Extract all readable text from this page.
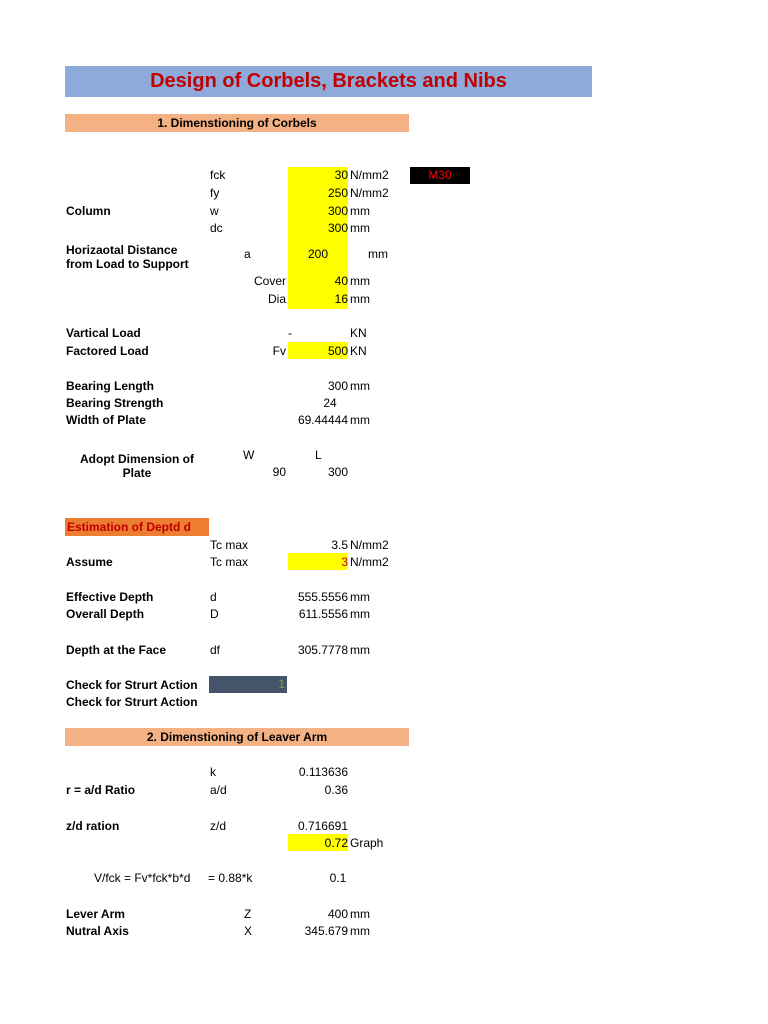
Design of Corbels, Brackets and Nibs
1. Dimenstioning of Corbels
M30
fck	30 N/mm2
fy	250 N/mm2
Column	w	300 mm
dc	300 mm
Horizaotal Distance
from Load to Support
a	200	mm
Cover	40 mm
Dia	16 mm
Vartical Load	-	KN
Factored Load	Fv	500 KN
Bearing Length	300 mm
Bearing Strength	24
Width of Plate	69.44444 mm
Adopt Dimension of
Plate
W	L
90	300
Estimation of Deptd d
Tc max	3.5 N/mm2
Assume	Tc max	3 N/mm2
Effective Depth	d	555.5556 mm
Overall Depth	D	611.5556 mm
Depth at the Face	df	305.7778 mm
Check for Strurt Action	1
Check for Strurt Action
2. Dimenstioning of Leaver Arm
k	0.113636
r = a/d Ratio	a/d	0.36
z/d ration	z/d	0.716691
0.72 Graph
V/fck = Fv*fck*b*d = 0.88*k	0.1
Lever Arm	Z	400 mm
Nutral Axis	X	345.679 mm
